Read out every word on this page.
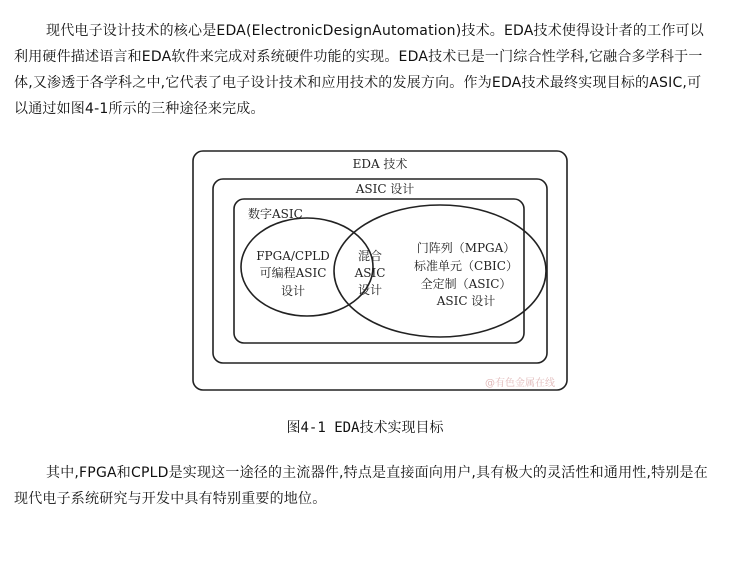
现代电子设计技术的核心是EDA(ElectronicDesignAutomation)技术。EDA技术使得设计者的工作可以利用硬件描述语言和EDA软件来完成对系统硬件功能的实现。EDA技术已是一门综合性学科,它融合多学科于一体,又渗透于各学科之中,它代表了电子设计技术和应用技术的发展方向。作为EDA技术最终实现目标的ASIC,可以通过如图4-1所示的三种途径来完成。

EDA 技术
ASIC 设计
数字ASIC
FPGA/CPLD
可编程ASIC
设计
混合
ASIC
设计
门阵列（MPGA）
标准单元（CBIC）
全定制（ASIC）
ASIC 设计
@有色金属在线
图4-1 EDA技术实现目标

其中,FPGA和CPLD是实现这一途径的主流器件,特点是直接面向用户,具有极大的灵活性和通用性,特别是在现代电子系统研究与开发中具有特别重要的地位。
